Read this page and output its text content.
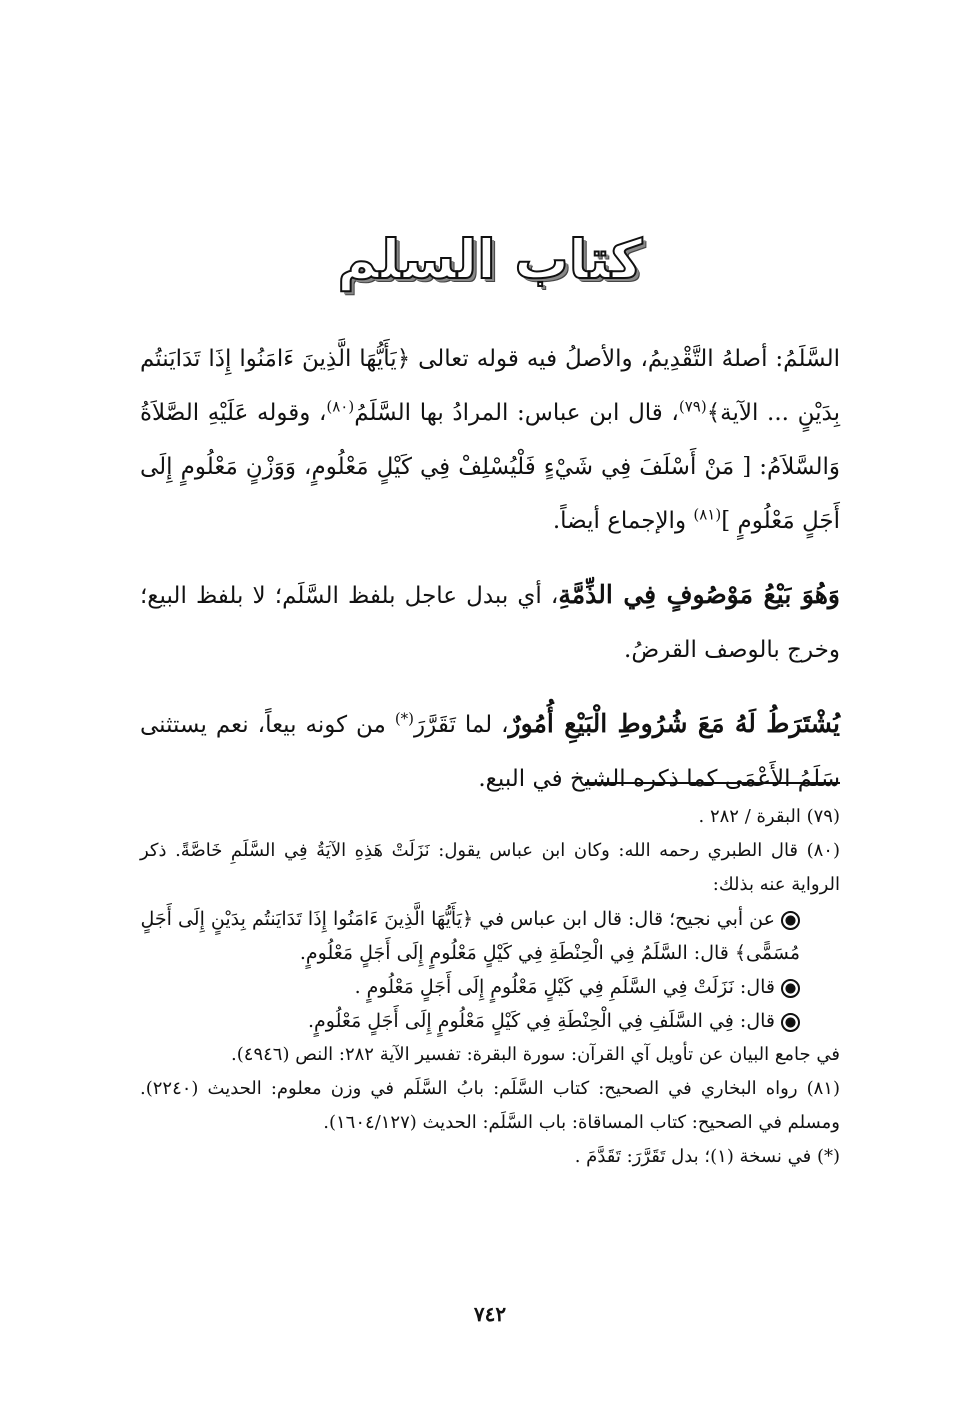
كتاب السلم

السَّلَمُ: أصلهُ التَّقْدِيمُ، والأصلُ فيه قوله تعالى ﴿يَأَيُّهَا الَّذِينَ ءَامَنُوا إِذَا تَدَايَنتُم بِدَيْنٍ ... الآية﴾$^{(٧٩)}$، قال ابن عباس: المرادُ بها السَّلَمُ$^{(٨٠)}$، وقوله عَلَيْهِ الصَّلاَةُ وَالسَّلاَمُ: [ مَنْ أَسْلَفَ فِي شَيْءٍ فَلْيُسْلِفْ فِي كَيْلٍ مَعْلُومٍ، وَوَزْنٍ مَعْلُومٍ إِلَى أَجَلٍ مَعْلُومٍ ]$^{(٨١)}$ والإجماع أيضاً.

وَهُوَ بَيْعُ مَوْصُوفٍ فِي الذِّمَّةِ، أي ببدل عاجل بلفظ السَّلَم؛ لا بلفظ البيع؛ وخرج بالوصف القرضُ.

يُشْتَرَطُ لَهُ مَعَ شُرُوطِ الْبَيْعِ أُمُورٌ، لما تَقَرَّرَ(*) من كونه بيعاً، نعم يستثنى سَلَمُ الأَعْمَى كما ذكره الشيخ في البيع.

(٧٩) البقرة / ٢٨٢ .

(٨٠) قال الطبري رحمه الله: وكان ابن عباس يقول: نَزَلَتْ هَذِهِ الآيَةُ فِي السَّلَمِ خَاصَّةً. ذكر الرواية عنه بذلك:

عن أبي نجيح؛ قال: قال ابن عباس في ﴿يَأَيُّهَا الَّذِينَ ءَامَنُوا إِذَا تَدَايَنتُم بِدَيْنٍ إِلَى أَجَلٍ مُسَمًّى﴾ قال: السَّلَمُ فِي الْحِنْطَةِ فِي كَيْلٍ مَعْلُومٍ إِلَى أَجَلٍ مَعْلُومٍ.

قال: نَزَلَتْ فِي السَّلَمِ فِي كَيْلٍ مَعْلُومٍ إِلَى أَجَلٍ مَعْلُومٍ .

قال: فِي السَّلَفِ فِي الْحِنْطَةِ فِي كَيْلٍ مَعْلُومٍ إِلَى أَجَلٍ مَعْلُومٍ.

في جامع البيان عن تأويل آي القرآن: سورة البقرة: تفسير الآية ٢٨٢: النص (٤٩٤٦).

(٨١) رواه البخاري في الصحيح: كتاب السَّلَم: بابُ السَّلَم في وزن معلوم: الحديث (٢٢٤٠). ومسلم في الصحيح: كتاب المساقاة: باب السَّلَم: الحديث (١٦٠٤/١٢٧).

(*) في نسخة (١)؛ بدل تَقَرَّرَ: تَقَدَّمَ .

٧٤٢
